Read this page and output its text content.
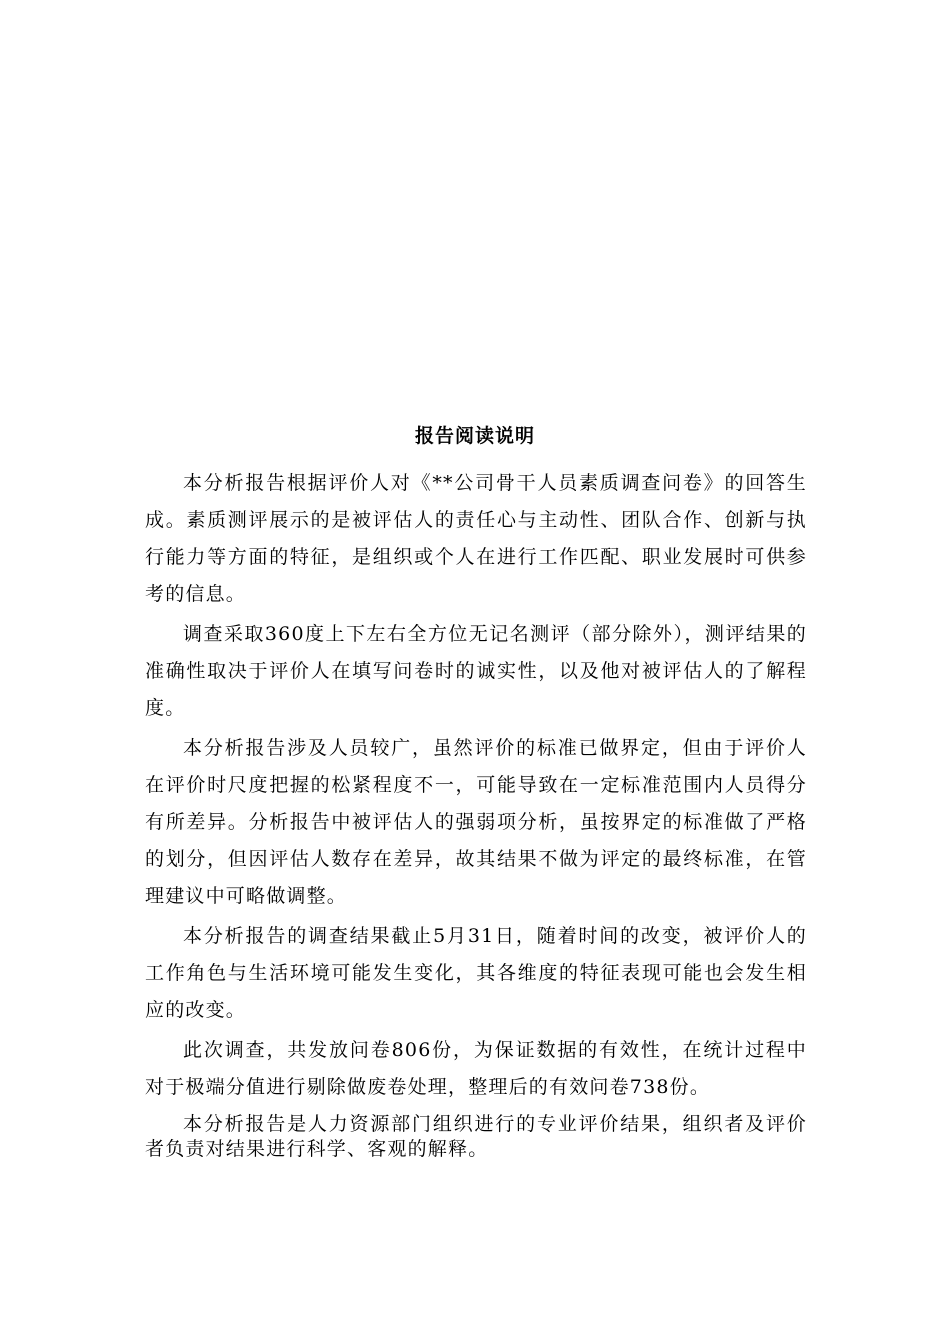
报告阅读说明

本分析报告根据评价人对《**公司骨干人员素质调查问卷》的回答生成。素质测评展示的是被评估人的责任心与主动性、团队合作、创新与执行能力等方面的特征，是组织或个人在进行工作匹配、职业发展时可供参考的信息。

调查采取360度上下左右全方位无记名测评（部分除外），测评结果的准确性取决于评价人在填写问卷时的诚实性，以及他对被评估人的了解程度。

本分析报告涉及人员较广，虽然评价的标准已做界定，但由于评价人在评价时尺度把握的松紧程度不一，可能导致在一定标准范围内人员得分有所差异。分析报告中被评估人的强弱项分析，虽按界定的标准做了严格的划分，但因评估人数存在差异，故其结果不做为评定的最终标准，在管理建议中可略做调整。

本分析报告的调查结果截止5月31日，随着时间的改变，被评价人的工作角色与生活环境可能发生变化，其各维度的特征表现可能也会发生相应的改变。

此次调查，共发放问卷806份，为保证数据的有效性，在统计过程中对于极端分值进行剔除做废卷处理，整理后的有效问卷738份。

本分析报告是人力资源部门组织进行的专业评价结果，组织者及评价者负责对结果进行科学、客观的解释。
